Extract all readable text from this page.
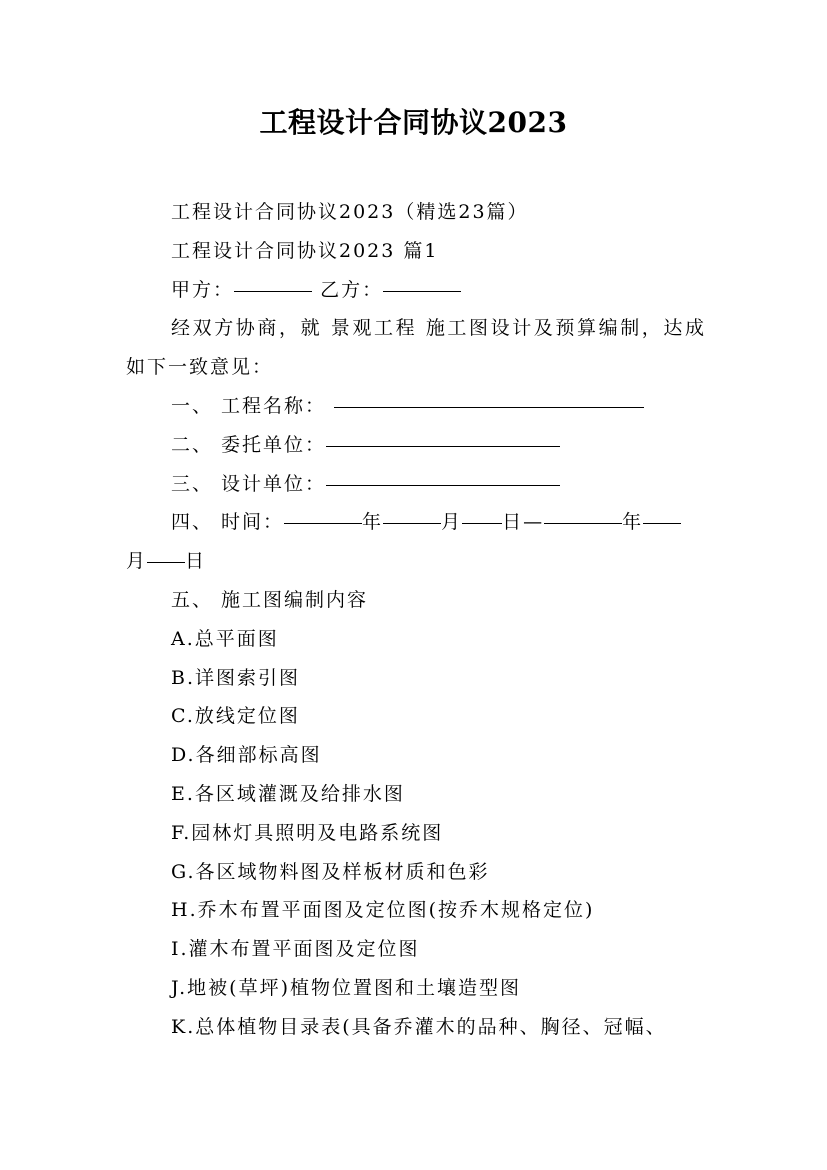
工程设计合同协议2023

工程设计合同协议2023（精选23篇）

工程设计合同协议2023 篇1

甲方：	乙方：

经双方协商，就 景观工程 施工图设计及预算编制，达成如下一致意见：

一、 工程名称：

二、 委托单位：

三、 设计单位：

四、 时间：	年	月 日—	年
月 日

五、 施工图编制内容

A.总平面图

B.详图索引图

C.放线定位图

D.各细部标高图

E.各区域灌溉及给排水图

F.园林灯具照明及电路系统图

G.各区域物料图及样板材质和色彩

H.乔木布置平面图及定位图(按乔木规格定位)

I.灌木布置平面图及定位图

J.地被(草坪)植物位置图和土壤造型图

K.总体植物目录表(具备乔灌木的品种、胸径、冠幅、
